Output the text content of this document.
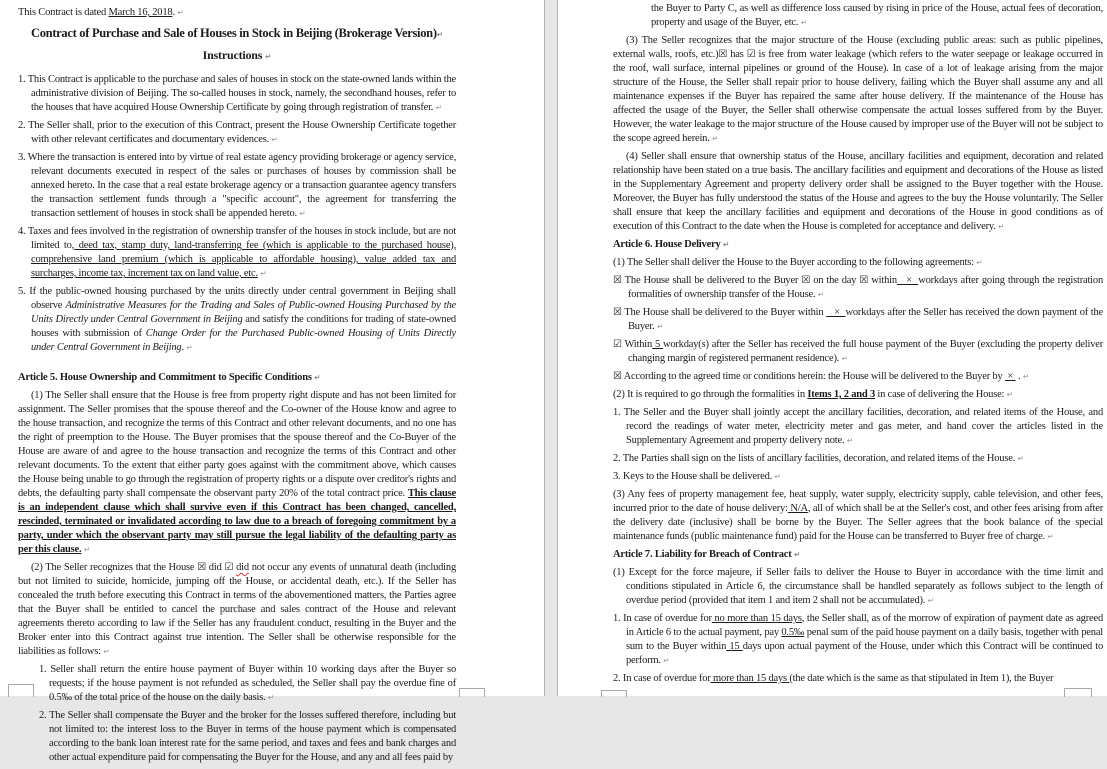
This Contract is dated March 16, 2018. ↵
Contract of Purchase and Sale of Houses in Stock in Beijing (Brokerage Version)↵
Instructions ↵
1. This Contract is applicable to the purchase and sales of houses in stock on the state-owned lands within the administrative division of Beijing. The so-called houses in stock, namely, the secondhand houses, refer to the houses that have acquired House Ownership Certificate by going through registration of transfer. ↵
2. The Seller shall, prior to the execution of this Contract, present the House Ownership Certificate together with other relevant certificates and documentary evidences. ↵
3. Where the transaction is entered into by virtue of real estate agency providing brokerage or agency service, relevant documents executed in respect of the sales or purchases of houses by commission shall be annexed hereto. In the case that a real estate brokerage agency or a transaction guarantee agency transfers the transaction settlement funds through a "specific account", the agreement for transferring the transaction settlement of houses in stock shall be appended hereto. ↵
4. Taxes and fees involved in the registration of ownership transfer of the houses in stock include, but are not limited to, deed tax, stamp duty, land-transferring fee (which is applicable to the purchased house), comprehensive land premium (which is applicable to affordable housing), value added tax and surcharges, income tax, increment tax on land value, etc. ↵
5. If the public-owned housing purchased by the units directly under central government in Beijing shall observe Administrative Measures for the Trading and Sales of Public-owned Housing Purchased by the Units Directly under Central Government in Beijing and satisfy the conditions for trading of state-owned houses with submission of Change Order for the Purchased Public-owned Housing of Units Directly under Central Government in Beijing. ↵
Article 5. House Ownership and Commitment to Specific Conditions ↵
(1) The Seller shall ensure that the House is free from property right dispute and has not been limited for assignment. The Seller promises that the spouse thereof and the Co-owner of the House know and agree to the house transaction, and recognize the terms of this Contract and other relevant documents, and no one has the right of preemption to the House. The Buyer promises that the spouse thereof and the Co-Buyer of the House are aware of and agree to the house transaction and recognize the terms of this Contract and other relevant documents. To the extent that either party goes against with the commitment above, which causes the House being unable to go through the registration of property rights or a dispute over creditor's rights and debts, the defaulting party shall compensate the observant party 20% of the total contract price. This clause is an independent clause which shall survive even if this Contract has been changed, cancelled, rescinded, terminated or invalidated according to law due to a breach of foregoing commitment by a party, under which the observant party may still pursue the legal liability of the defaulting party as per this clause. ↵
(2) The Seller recognizes that the House ☒ did ☑ did not occur any events of unnatural death (including but not limited to suicide, homicide, jumping off the House, or accidental death, etc.). If the Seller has concealed the truth before executing this Contract in terms of the abovementioned matters, the Parties agree that the Buyer shall be entitled to cancel the purchase and sales contract of the House and relevant agreements thereto according to law if the Seller has any fraudulent conduct, resulting in the Buyer and the Broker enter into this Contract against true intention. The Seller shall be otherwise responsible for the liabilities as follows: ↵
1. Seller shall return the entire house payment of Buyer within 10 working days after the Buyer so requests; if the house payment is not refunded as scheduled, the Seller shall pay the overdue fine of 0.5‰ of the total price of the house on the daily basis. ↵
2. The Seller shall compensate the Buyer and the broker for the losses suffered therefore, including but not limited to: the interest loss to the Buyer in terms of the house payment which is compensated according to the bank loan interest rate for the same period, and taxes and fees and bank charges and other actual expenditure paid for compensating the Buyer for the House, and any and all fees paid by
the Buyer to Party C, as well as difference loss caused by rising in price of the House, actual fees of decoration, property and usage of the Buyer, etc. ↵
(3) The Seller recognizes that the major structure of the House (excluding public areas: such as public pipelines, external walls, roofs, etc.)☒ has ☑ is free from water leakage (which refers to the water seepage or leakage occurred in the roof, wall surface, internal pipelines or ground of the House). In case of a lot of leakage arising from the major structure of the House, the Seller shall repair prior to house delivery, failing which the Buyer shall assume any and all maintenance expenses if the Buyer has repaired the same after house delivery. If the maintenance of the House has affected the usage of the Buyer, the Seller shall otherwise compensate the actual losses suffered from by the Buyer. However, the water leakage to the major structure of the House caused by improper use of the Buyer will not be subject to the scope agreed herein. ↵
(4) Seller shall ensure that ownership status of the House, ancillary facilities and equipment, decoration and related relationship have been stated on a true basis. The ancillary facilities and equipment and decorations of the House as listed in the Supplementary Agreement and property delivery order shall be assigned to the Buyer together with the House. Moreover, the Buyer has fully understood the status of the House and agrees to the buy the House voluntarily. The Seller shall ensure that keep the ancillary facilities and equipment and decorations of the House in good conditions as of execution of this Contract to the date when the House is completed for acceptance and delivery. ↵
Article 6. House Delivery ↵
(1) The Seller shall deliver the House to the Buyer according to the following agreements: ↵
☒ The House shall be delivered to the Buyer ☒ on the day ☒ within   ×  workdays after going through the registration formalities of ownership transfer of the House. ↵
☒ The House shall be delivered to the Buyer within    ×  workdays after the Seller has received the down payment of the Buyer. ↵
☑ Within 5 workday(s) after the Seller has received the full house payment of the Buyer (excluding the property deliver changing margin of registered permanent residence). ↵
☒ According to the agreed time or conditions herein: the House will be delivered to the Buyer by  ×  . ↵
(2) It is required to go through the formalities in Items 1, 2 and 3 in case of delivering the House: ↵
1. The Seller and the Buyer shall jointly accept the ancillary facilities, decoration, and related items of the House, and record the readings of water meter, electricity meter and gas meter, and hand cover the articles listed in the Supplementary Agreement and property delivery note. ↵
2. The Parties shall sign on the lists of ancillary facilities, decoration, and related items of the House. ↵
3. Keys to the House shall be delivered. ↵
(3) Any fees of property management fee, heat supply, water supply, electricity supply, cable television, and other fees, incurred prior to the date of house delivery: N/A, all of which shall be at the Seller's cost, and other fees arising from after the delivery date (inclusive) shall be borne by the Buyer. The Seller agrees that the book balance of the special maintenance funds (public maintenance fund) paid for the House can be transferred to Buyer free of charge. ↵
Article 7. Liability for Breach of Contract ↵
(1) Except for the force majeure, if Seller fails to deliver the House to Buyer in accordance with the time limit and conditions stipulated in Article 6, the circumstance shall be handled separately as follows subject to the length of overdue period (provided that item 1 and item 2 shall not be accumulated). ↵
1. In case of overdue for no more than 15 days, the Seller shall, as of the morrow of expiration of payment date as agreed in Article 6 to the actual payment, pay 0.5‰ penal sum of the paid house payment on a daily basis, together with penal sum to the Buyer within 15 days upon actual payment of the House, under which this Contract will be continued to perform. ↵
2. In case of overdue for more than 15 days (the date which is the same as that stipulated in Item 1), the Buyer
